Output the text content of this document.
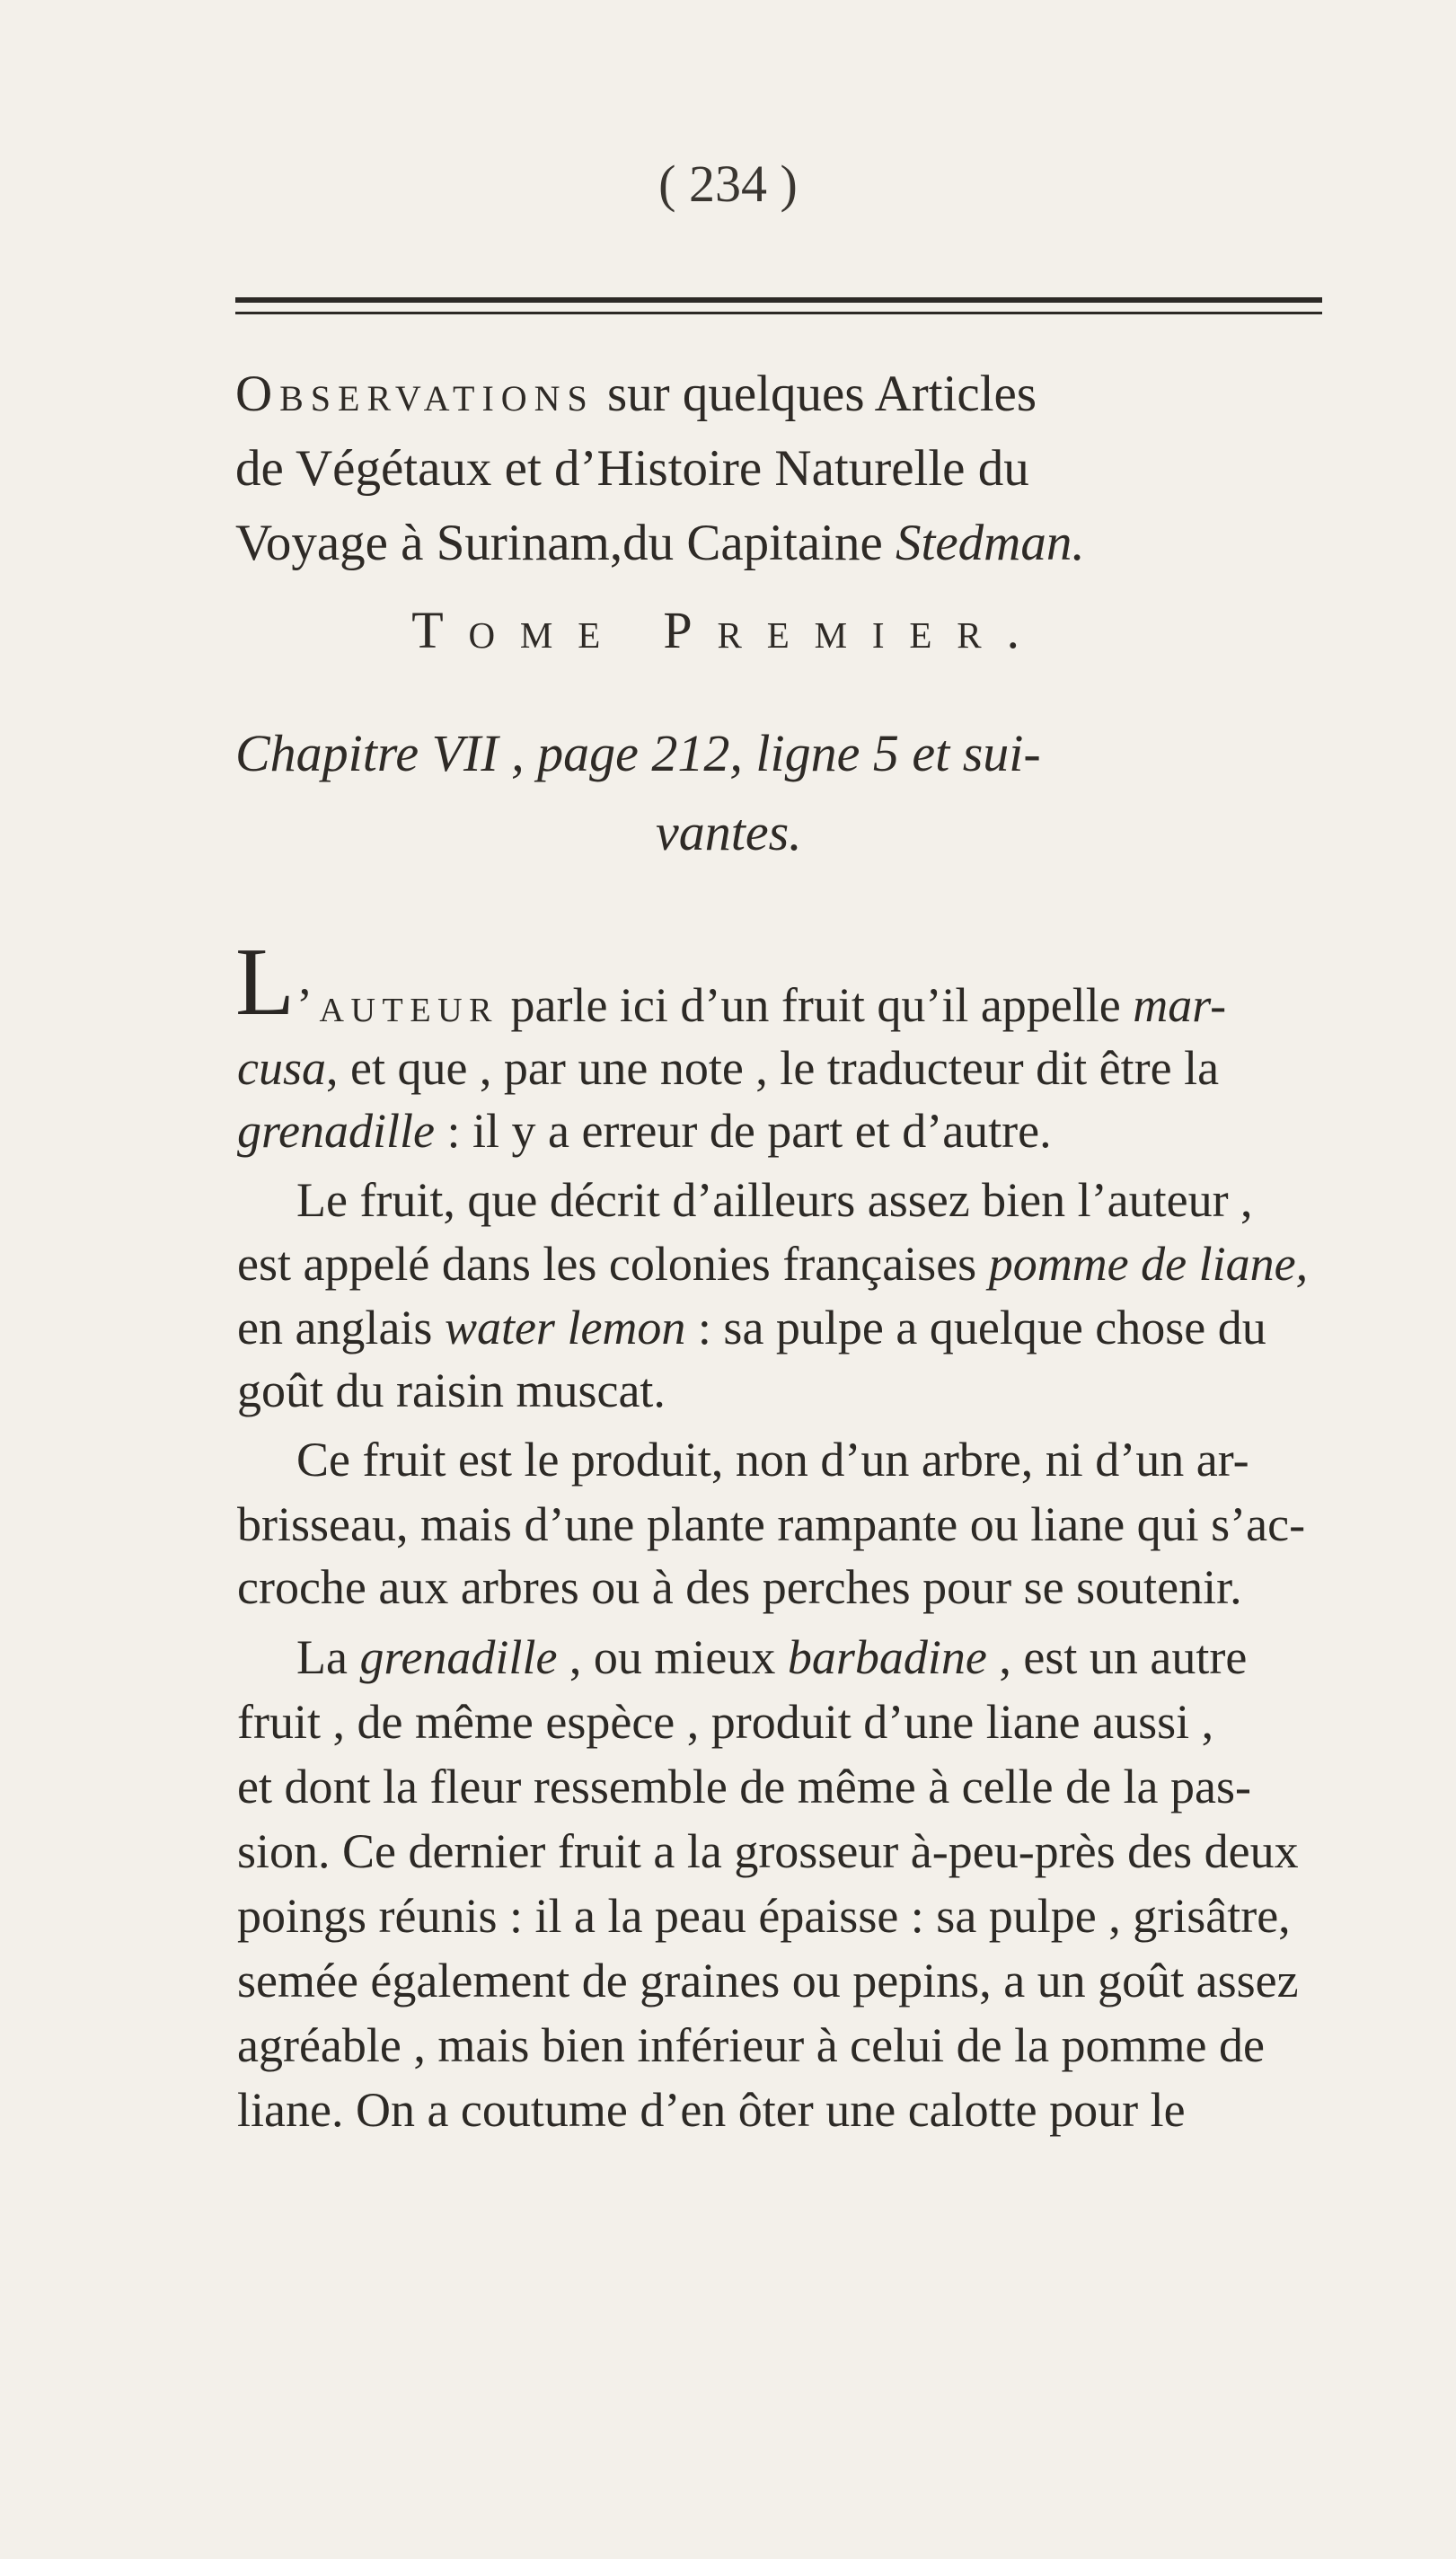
( 234 )
Observations sur quelques Articles
de Végétaux et d’Histoire Naturelle du
Voyage à Surinam,du Capitaine Stedman.
Tome Premier.
Chapitre VII , page 212, ligne 5 et sui-
vantes.
L ’auteur parle ici d’un fruit qu’il appelle mar-
cusa, et que , par une note , le traducteur dit être la
grenadille : il y a erreur de part et d’autre.
Le fruit, que décrit d’ailleurs assez bien l’auteur ,
est appelé dans les colonies françaises pomme de liane,
en anglais water lemon : sa pulpe a quelque chose du
goût du raisin muscat.
Ce fruit est le produit, non d’un arbre, ni d’un ar-
brisseau, mais d’une plante rampante ou liane qui s’ac-
croche aux arbres ou à des perches pour se soutenir.
La grenadille , ou mieux barbadine , est un autre
fruit , de même espèce , produit d’une liane aussi ,
et dont la fleur ressemble de même à celle de la pas-
sion. Ce dernier fruit a la grosseur à-peu-près des deux
poings réunis : il a la peau épaisse : sa pulpe , grisâtre,
semée également de graines ou pepins, a un goût assez
agréable , mais bien inférieur à celui de la pomme de
liane. On a coutume d’en ôter une calotte pour le
